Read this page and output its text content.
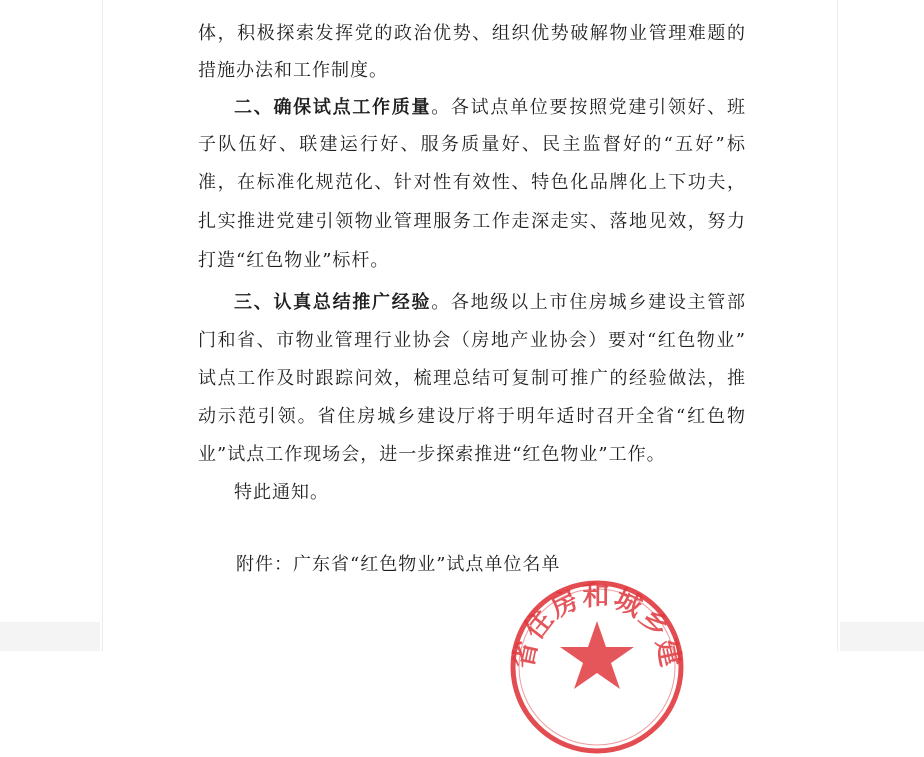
体，积极探索发挥党的政治优势、组织优势破解物业管理难题的
措施办法和工作制度。
二、确保试点工作质量。各试点单位要按照党建引领好、班
子队伍好、联建运行好、服务质量好、民主监督好的“五好”标
准，在标准化规范化、针对性有效性、特色化品牌化上下功夫，
扎实推进党建引领物业管理服务工作走深走实、落地见效，努力
打造“红色物业”标杆。
三、认真总结推广经验。各地级以上市住房城乡建设主管部
门和省、市物业管理行业协会（房地产业协会）要对“红色物业”
试点工作及时跟踪问效，梳理总结可复制可推广的经验做法，推
动示范引领。省住房城乡建设厅将于明年适时召开全省“红色物
业”试点工作现场会，进一步探索推进“红色物业”工作。
特此通知。
附件：广东省“红色物业”试点单位名单
省住房和城乡建
